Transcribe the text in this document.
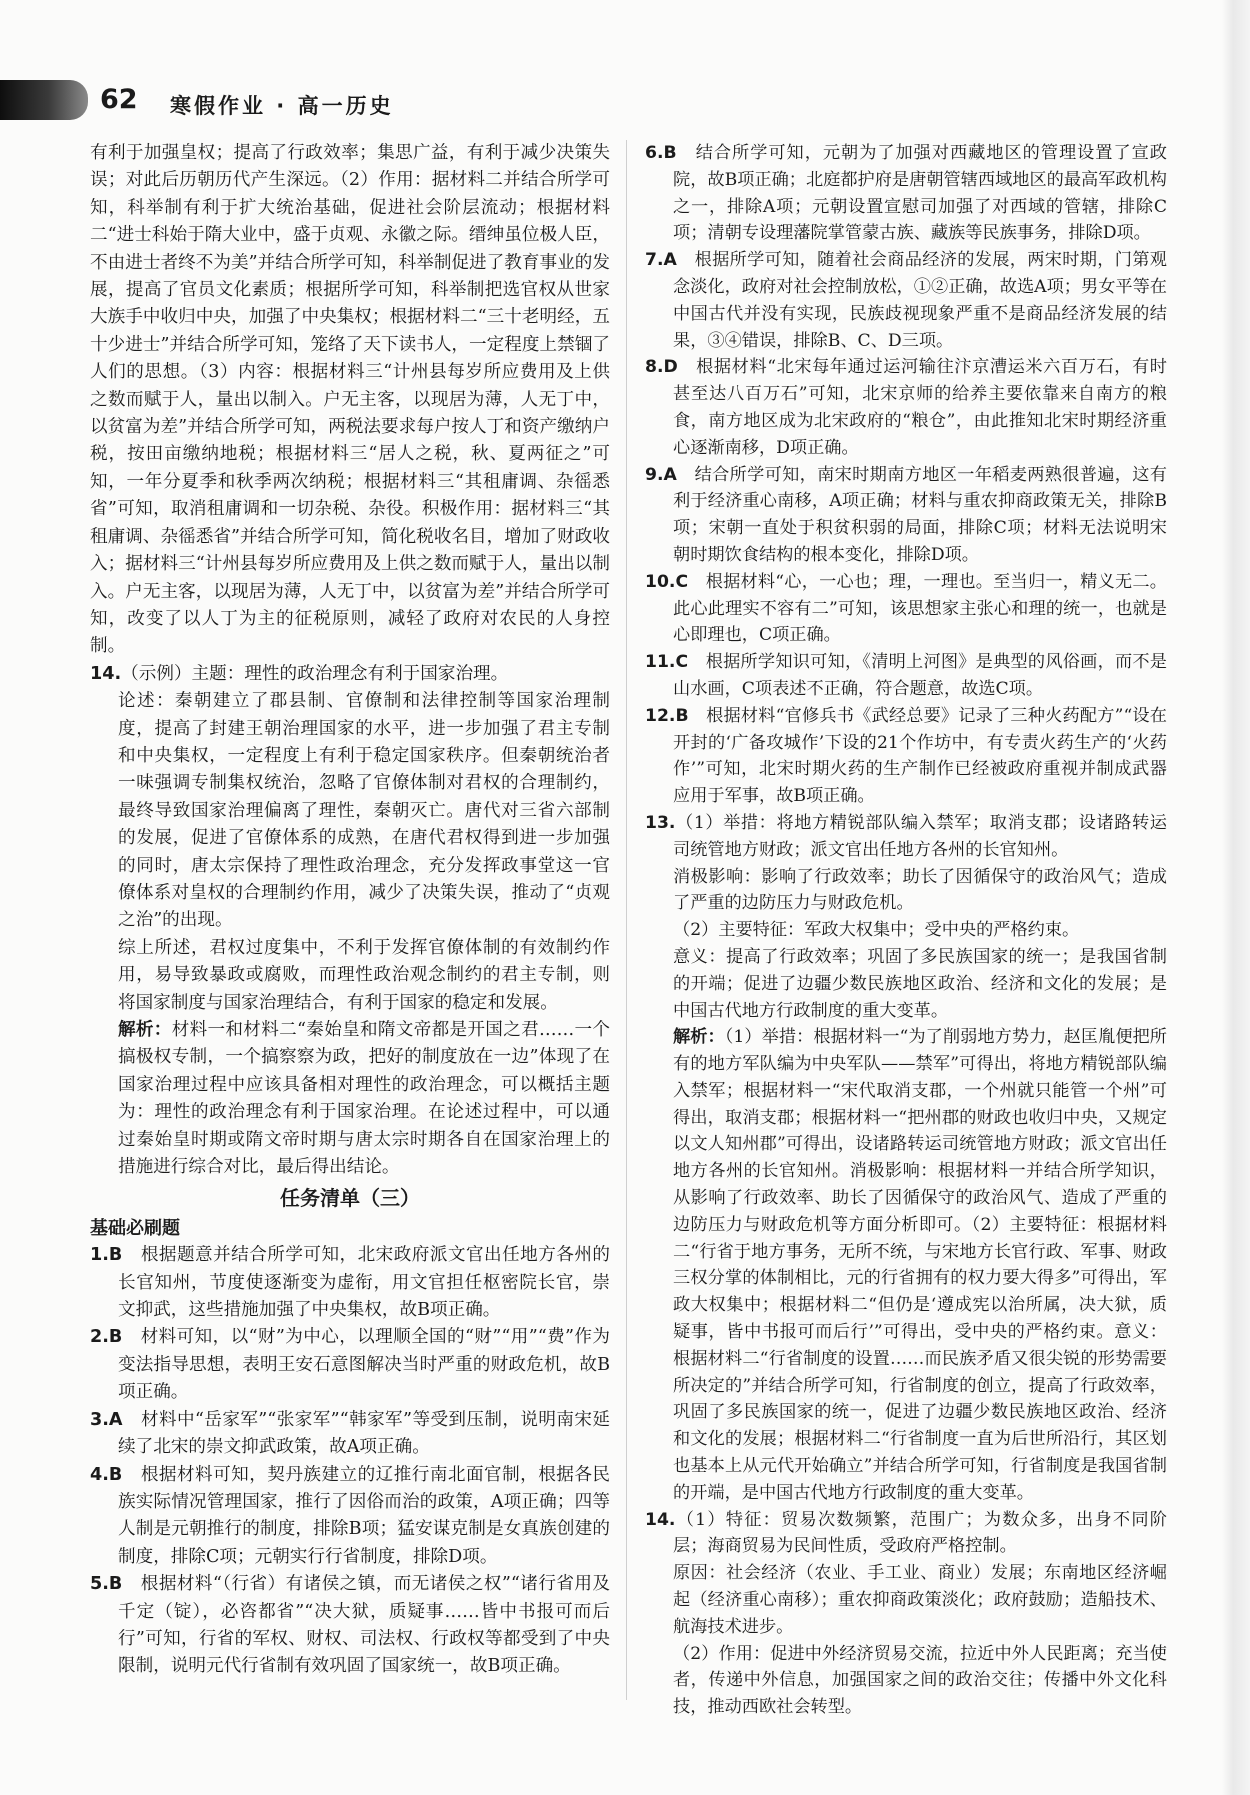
62 寒假作业 · 高一历史

有利于加强皇权；提高了行政效率；集思广益，有利于减少决策失误；对此后历朝历代产生深远。（2）作用：据材料二并结合所学可知，科举制有利于扩大统治基础，促进社会阶层流动；根据材料二“进士科始于隋大业中，盛于贞观、永徽之际。缙绅虽位极人臣，不由进士者终不为美”并结合所学可知，科举制促进了教育事业的发展，提高了官员文化素质；根据所学可知，科举制把选官权从世家大族手中收归中央，加强了中央集权；根据材料二“三十老明经，五十少进士”并结合所学可知，笼络了天下读书人，一定程度上禁锢了人们的思想。（3）内容：根据材料三“计州县每岁所应费用及上供之数而赋于人，量出以制入。户无主客，以现居为薄，人无丁中，以贫富为差”并结合所学可知，两税法要求每户按人丁和资产缴纳户税，按田亩缴纳地税；根据材料三“居人之税，秋、夏两征之”可知，一年分夏季和秋季两次纳税；根据材料三“其租庸调、杂徭悉省”可知，取消租庸调和一切杂税、杂役。积极作用：据材料三“其租庸调、杂徭悉省”并结合所学可知，简化税收名目，增加了财政收入；据材料三“计州县每岁所应费用及上供之数而赋于人，量出以制入。户无主客，以现居为薄，人无丁中，以贫富为差”并结合所学可知，改变了以人丁为主的征税原则，减轻了政府对农民的人身控制。

14.（示例）主题：理性的政治理念有利于国家治理。

论述：秦朝建立了郡县制、官僚制和法律控制等国家治理制度，提高了封建王朝治理国家的水平，进一步加强了君主专制和中央集权，一定程度上有利于稳定国家秩序。但秦朝统治者一味强调专制集权统治，忽略了官僚体制对君权的合理制约，最终导致国家治理偏离了理性，秦朝灭亡。唐代对三省六部制的发展，促进了官僚体系的成熟，在唐代君权得到进一步加强的同时，唐太宗保持了理性政治理念，充分发挥政事堂这一官僚体系对皇权的合理制约作用，减少了决策失误，推动了“贞观之治”的出现。

综上所述，君权过度集中，不利于发挥官僚体制的有效制约作用，易导致暴政或腐败，而理性政治观念制约的君主专制，则将国家制度与国家治理结合，有利于国家的稳定和发展。

解析：材料一和材料二“秦始皇和隋文帝都是开国之君……一个搞极权专制，一个搞察察为政，把好的制度放在一边”体现了在国家治理过程中应该具备相对理性的政治理念，可以概括主题为：理性的政治理念有利于国家治理。在论述过程中，可以通过秦始皇时期或隋文帝时期与唐太宗时期各自在国家治理上的措施进行综合对比，最后得出结论。

任务清单（三）

基础必刷题

1.B　 根据题意并结合所学可知，北宋政府派文官出任地方各州的长官知州，节度使逐渐变为虚衔，用文官担任枢密院长官，崇文抑武，这些措施加强了中央集权，故B项正确。

2.B　 材料可知，以“财”为中心，以理顺全国的“财”“用”“费”作为变法指导思想，表明王安石意图解决当时严重的财政危机，故B项正确。

3.A　 材料中“岳家军”“张家军”“韩家军”等受到压制，说明南宋延续了北宋的崇文抑武政策，故A项正确。

4.B　 根据材料可知，契丹族建立的辽推行南北面官制，根据各民族实际情况管理国家，推行了因俗而治的政策，A项正确；四等人制是元朝推行的制度，排除B项；猛安谋克制是女真族创建的制度，排除C项；元朝实行行省制度，排除D项。

5.B　 根据材料“（行省）有诸侯之镇，而无诸侯之权”“诸行省用及千定（锭），必咨都省”“决大狱，质疑事……皆中书报可而后行”可知，行省的军权、财权、司法权、行政权等都受到了中央限制，说明元代行省制有效巩固了国家统一，故B项正确。

6.B　 结合所学可知，元朝为了加强对西藏地区的管理设置了宣政院，故B项正确；北庭都护府是唐朝管辖西域地区的最高军政机构之一，排除A项；元朝设置宣慰司加强了对西域的管辖，排除C项；清朝专设理藩院掌管蒙古族、藏族等民族事务，排除D项。

7.A　 根据所学可知，随着社会商品经济的发展，两宋时期，门第观念淡化，政府对社会控制放松，①②正确，故选A项；男女平等在中国古代并没有实现，民族歧视现象严重不是商品经济发展的结果，③④错误，排除B、C、D三项。

8.D　 根据材料“北宋每年通过运河输往汴京漕运米六百万石，有时甚至达八百万石”可知，北宋京师的给养主要依靠来自南方的粮食，南方地区成为北宋政府的“粮仓”，由此推知北宋时期经济重心逐渐南移，D项正确。

9.A　 结合所学可知，南宋时期南方地区一年稻麦两熟很普遍，这有利于经济重心南移，A项正确；材料与重农抑商政策无关，排除B项；宋朝一直处于积贫积弱的局面，排除C项；材料无法说明宋朝时期饮食结构的根本变化，排除D项。

10.C　 根据材料“心，一心也；理，一理也。至当归一，精义无二。此心此理实不容有二”可知，该思想家主张心和理的统一，也就是心即理也，C项正确。

11.C　 根据所学知识可知，《清明上河图》是典型的风俗画，而不是山水画，C项表述不正确，符合题意，故选C项。

12.B　 根据材料“官修兵书《武经总要》记录了三种火药配方”“设在开封的‘广备攻城作’下设的21个作坊中，有专责火药生产的‘火药作’”可知，北宋时期火药的生产制作已经被政府重视并制成武器应用于军事，故B项正确。

13.（1）举措：将地方精锐部队编入禁军；取消支郡；设诸路转运司统管地方财政；派文官出任地方各州的长官知州。

消极影响：影响了行政效率；助长了因循保守的政治风气；造成了严重的边防压力与财政危机。

（2）主要特征：军政大权集中；受中央的严格约束。

意义：提高了行政效率；巩固了多民族国家的统一；是我国省制的开端；促进了边疆少数民族地区政治、经济和文化的发展；是中国古代地方行政制度的重大变革。

解析：（1）举措：根据材料一“为了削弱地方势力，赵匡胤便把所有的地方军队编为中央军队——禁军”可得出，将地方精锐部队编入禁军；根据材料一“宋代取消支郡，一个州就只能管一个州”可得出，取消支郡；根据材料一“把州郡的财政也收归中央，又规定以文人知州郡”可得出，设诸路转运司统管地方财政；派文官出任地方各州的长官知州。消极影响：根据材料一并结合所学知识，从影响了行政效率、助长了因循保守的政治风气、造成了严重的边防压力与财政危机等方面分析即可。（2）主要特征：根据材料二“行省于地方事务，无所不统，与宋地方长官行政、军事、财政三权分掌的体制相比，元的行省拥有的权力要大得多”可得出，军政大权集中；根据材料二“但仍是‘遵成宪以治所属，决大狱，质疑事，皆中书报可而后行’”可得出，受中央的严格约束。意义：根据材料二“行省制度的设置……而民族矛盾又很尖锐的形势需要所决定的”并结合所学可知，行省制度的创立，提高了行政效率，巩固了多民族国家的统一，促进了边疆少数民族地区政治、经济和文化的发展；根据材料二“行省制度一直为后世所沿行，其区划也基本上从元代开始确立”并结合所学可知，行省制度是我国省制的开端，是中国古代地方行政制度的重大变革。

14.（1）特征：贸易次数频繁，范围广；为数众多，出身不同阶层；海商贸易为民间性质，受政府严格控制。

原因：社会经济（农业、手工业、商业）发展；东南地区经济崛起（经济重心南移）；重农抑商政策淡化；政府鼓励；造船技术、航海技术进步。

（2）作用：促进中外经济贸易交流，拉近中外人民距离；充当使者，传递中外信息，加强国家之间的政治交往；传播中外文化科技，推动西欧社会转型。
